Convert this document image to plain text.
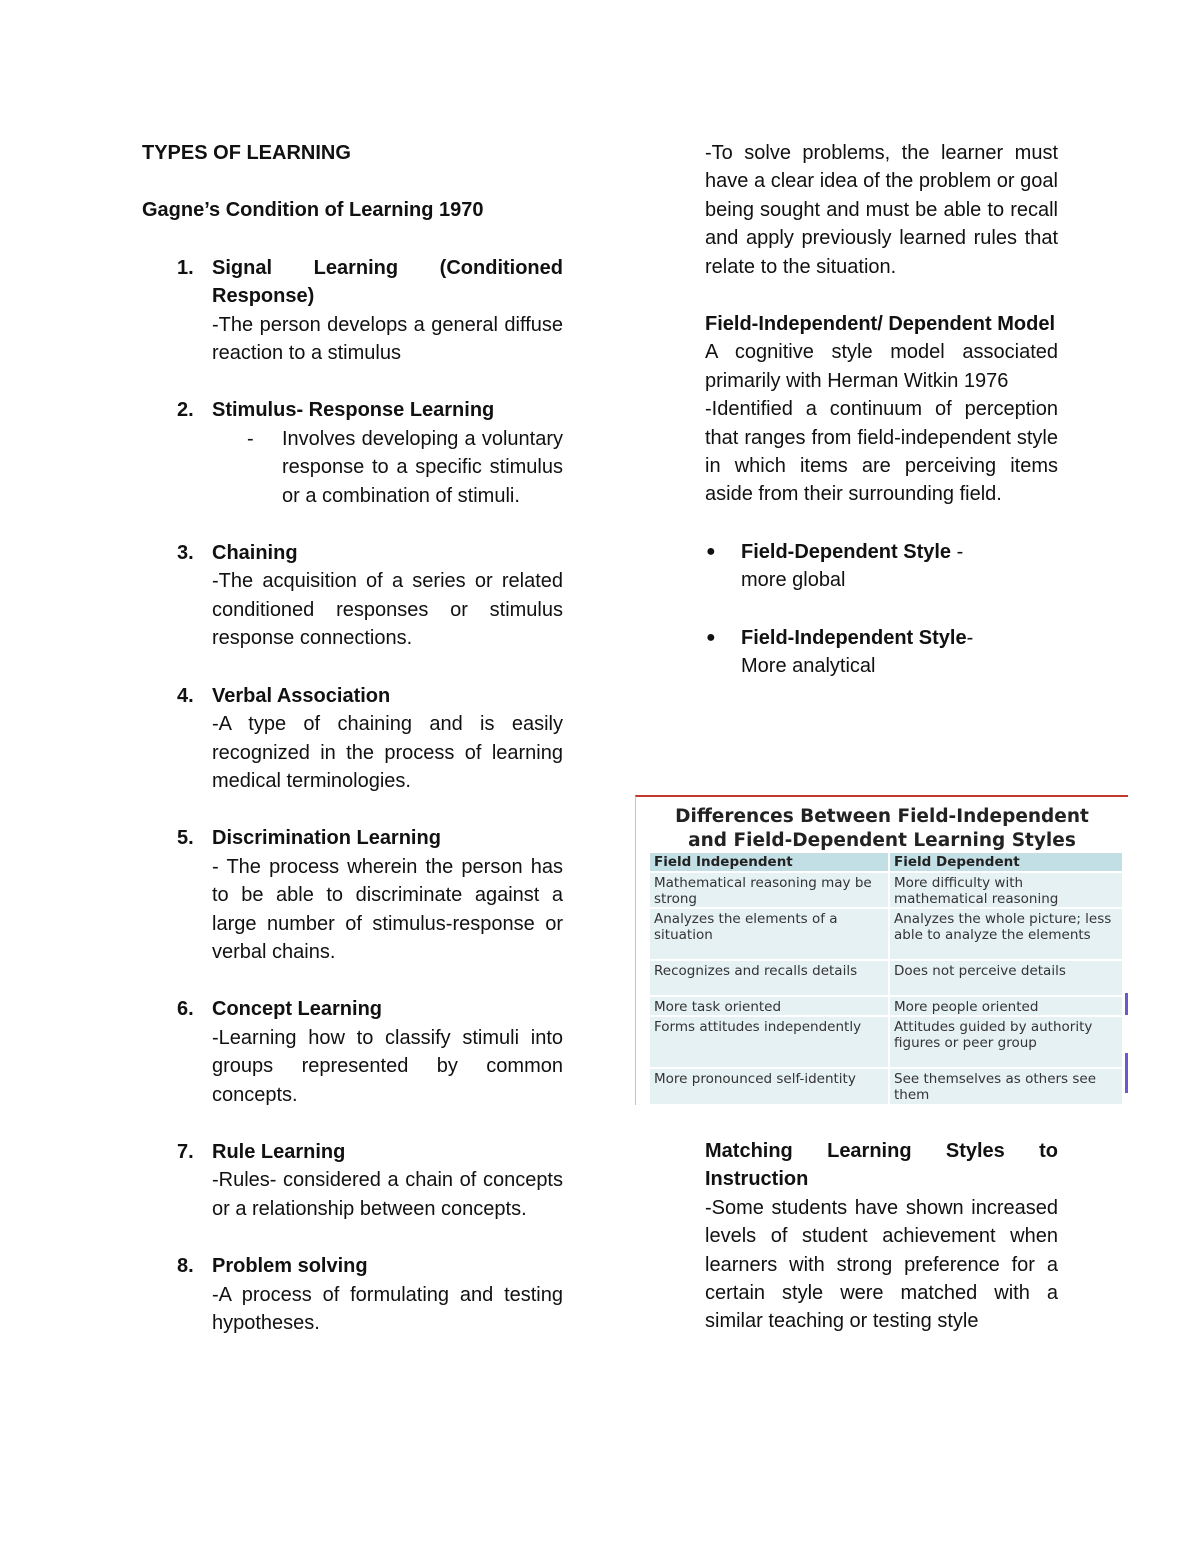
TYPES OF LEARNING

Gagne’s Condition of Learning 1970

1. Signal Learning (Conditioned Response)
-The person develops a general diffuse reaction to a stimulus
2. Stimulus- Response Learning
-	Involves developing a voluntary response to a specific stimulus or a combination of stimuli.
3. Chaining
-The acquisition of a series or related conditioned responses or stimulus response connections.
4. Verbal Association
-A type of chaining and is easily recognized in the process of learning medical terminologies.
5. Discrimination Learning
- The process wherein the person has to be able to discriminate against a large number of stimulus-response or verbal chains.
6. Concept Learning
-Learning how to classify stimuli into groups represented by common concepts.
7. Rule Learning
-Rules- considered a chain of concepts or a relationship between concepts.
8. Problem solving
-A process of formulating and testing hypotheses.
-To solve problems, the learner must have a clear idea of the problem or goal being sought and must be able to recall and apply previously learned rules that relate to the situation.
Field-Independent/ Dependent Model
A cognitive style model associated primarily with Herman Witkin 1976
-Identified a continuum of perception that ranges from field-independent style in which items are perceiving items aside from their surrounding field.
●	Field-Dependent Style -
more global
●	Field-Independent Style-
More analytical
Differences Between Field-Independent
and Field-Dependent Learning Styles
Field Independent	Field Dependent
Mathematical reasoning may be strong	More difficulty with mathematical reasoning
Analyzes the elements of a situation	Analyzes the whole picture; less able to analyze the elements
Recognizes and recalls details	Does not perceive details
More task oriented	More people oriented
Forms attitudes independently	Attitudes guided by authority figures or peer group
More pronounced self-identity	See themselves as others see them
Matching Learning Styles to Instruction
-Some students have shown increased levels of student achievement when learners with strong preference for a certain style were matched with a similar teaching or testing style
